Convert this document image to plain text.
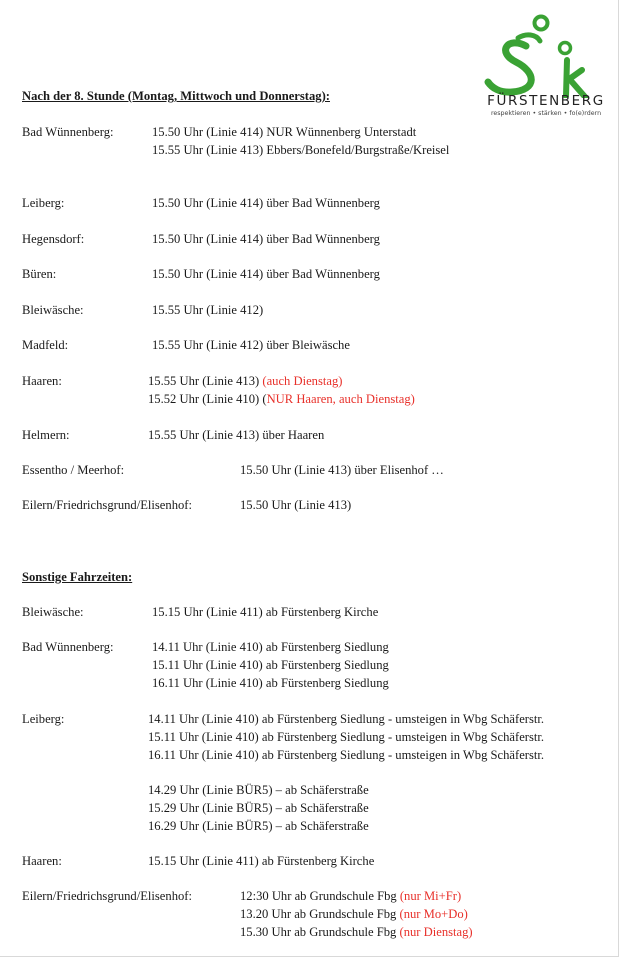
FÜRSTENBERG
respektieren • stärken • fo(e)rdern
Nach der 8. Stunde (Montag, Mittwoch und Donnerstag):
Bad Wünnenberg:	15.50 Uhr (Linie 414) NUR Wünnenberg Unterstadt
15.55 Uhr (Linie 413) Ebbers/Bonefeld/Burgstraße/Kreisel
Leiberg:	15.50 Uhr (Linie 414) über Bad Wünnenberg
Hegensdorf:	15.50 Uhr (Linie 414) über Bad Wünnenberg
Büren:	15.50 Uhr (Linie 414) über Bad Wünnenberg
Bleiwäsche:	15.55 Uhr (Linie 412)
Madfeld:	15.55 Uhr (Linie 412) über Bleiwäsche
Haaren:	15.55 Uhr (Linie 413) (auch Dienstag)
15.52 Uhr (Linie 410) (NUR Haaren, auch Dienstag)
Helmern:	15.55 Uhr (Linie 413) über Haaren
Essentho / Meerhof:	15.50 Uhr (Linie 413) über Elisenhof …
Eilern/Friedrichsgrund/Elisenhof:	15.50 Uhr (Linie 413)
Sonstige Fahrzeiten:
Bleiwäsche:	15.15 Uhr (Linie 411) ab Fürstenberg Kirche
Bad Wünnenberg:	14.11 Uhr (Linie 410) ab Fürstenberg Siedlung
15.11 Uhr (Linie 410) ab Fürstenberg Siedlung
16.11 Uhr (Linie 410) ab Fürstenberg Siedlung
Leiberg:	14.11 Uhr (Linie 410) ab Fürstenberg Siedlung - umsteigen in Wbg Schäferstr.
15.11 Uhr (Linie 410) ab Fürstenberg Siedlung - umsteigen in Wbg Schäferstr.
16.11 Uhr (Linie 410) ab Fürstenberg Siedlung - umsteigen in Wbg Schäferstr.
14.29 Uhr (Linie BÜR5) – ab Schäferstraße
15.29 Uhr (Linie BÜR5) – ab Schäferstraße
16.29 Uhr (Linie BÜR5) – ab Schäferstraße
Haaren:	15.15 Uhr (Linie 411) ab Fürstenberg Kirche
Eilern/Friedrichsgrund/Elisenhof:	12:30 Uhr ab Grundschule Fbg (nur Mi+Fr)
13.20 Uhr ab Grundschule Fbg (nur Mo+Do)
15.30 Uhr ab Grundschule Fbg (nur Dienstag)
